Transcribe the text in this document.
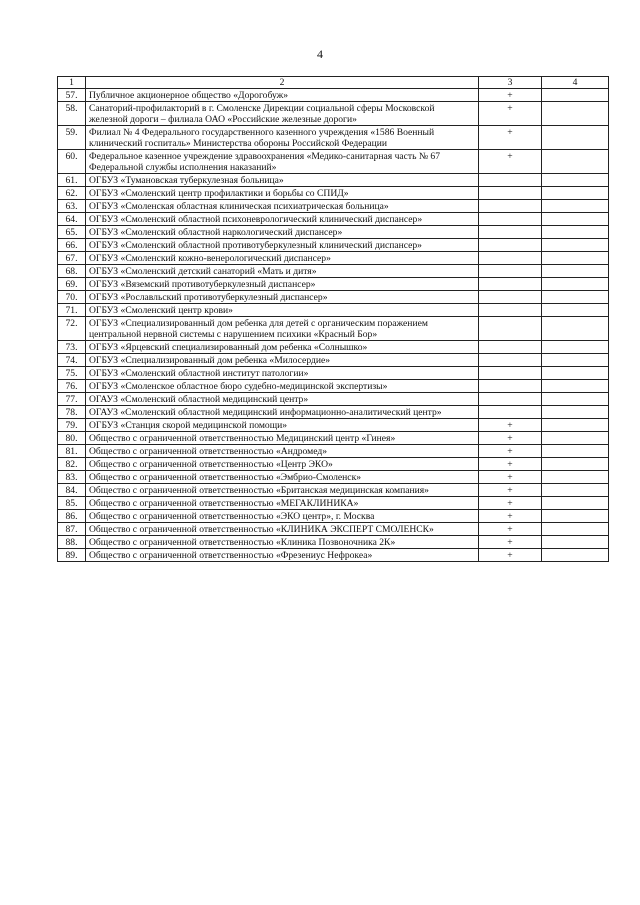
4
1	2	3	4
57.	Публичное акционерное общество «Дорогобуж»	+	
58.	Санаторий-профилакторий в г. Смоленске Дирекции социальной сферы Московской железной дороги – филиала ОАО «Российские железные дороги»	+	
59.	Филиал № 4 Федерального государственного казенного учреждения «1586 Военный клинический госпиталь» Министерства обороны Российской Федерации	+	
60.	Федеральное казенное учреждение здравоохранения «Медико-санитарная часть № 67 Федеральной службы исполнения наказаний»	+	
61.	ОГБУЗ «Тумановская туберкулезная больница»		
62.	ОГБУЗ «Смоленский центр профилактики и борьбы со СПИД»		
63.	ОГБУЗ «Смоленская областная клиническая психиатрическая больница»		
64.	ОГБУЗ «Смоленский областной психоневрологический клинический диспансер»		
65.	ОГБУЗ «Смоленский областной наркологический диспансер»		
66.	ОГБУЗ «Смоленский областной противотуберкулезный клинический диспансер»		
67.	ОГБУЗ «Смоленский кожно-венерологический диспансер»		
68.	ОГБУЗ «Смоленский детский санаторий «Мать и дитя»		
69.	ОГБУЗ «Вяземский противотуберкулезный диспансер»		
70.	ОГБУЗ «Рославльский противотуберкулезный диспансер»		
71.	ОГБУЗ «Смоленский центр крови»		
72.	ОГБУЗ «Специализированный дом ребенка для детей с органическим поражением центральной нервной системы с нарушением психики «Красный Бор»		
73.	ОГБУЗ «Ярцевский специализированный дом ребенка «Солнышко»		
74.	ОГБУЗ «Специализированный дом ребенка «Милосердие»		
75.	ОГБУЗ «Смоленский областной институт патологии»		
76.	ОГБУЗ «Смоленское областное бюро судебно-медицинской экспертизы»		
77.	ОГАУЗ «Смоленский областной медицинский центр»		
78.	ОГАУЗ «Смоленский областной медицинский информационно-аналитический центр»		
79.	ОГБУЗ «Станция скорой медицинской помощи»	+	
80.	Общество с ограниченной ответственностью Медицинский центр «Гинея»	+	
81.	Общество с ограниченной ответственностью «Андромед»	+	
82.	Общество с ограниченной ответственностью «Центр ЭКО»	+	
83.	Общество с ограниченной ответственностью «Эмбрио-Смоленск»	+	
84.	Общество с ограниченной ответственностью «Британская медицинская компания»	+	
85.	Общество с ограниченной ответственностью «МЕГАКЛИНИКА»	+	
86.	Общество с ограниченной ответственностью «ЭКО центр», г. Москва	+	
87.	Общество с ограниченной ответственностью «КЛИНИКА ЭКСПЕРТ СМОЛЕНСК»	+	
88.	Общество с ограниченной ответственностью «Клиника Позвоночника 2К»	+	
89.	Общество с ограниченной ответственностью «Фрезениус Нефрокеа»	+	
